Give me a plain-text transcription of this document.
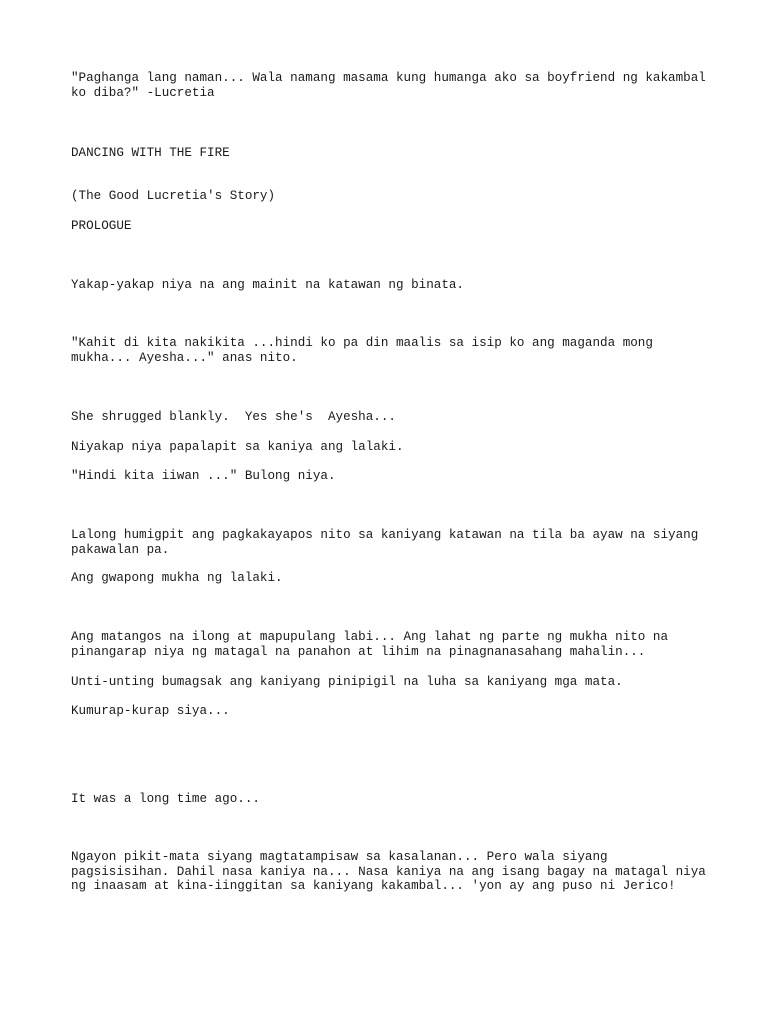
"Paghanga lang naman... Wala namang masama kung humanga ako sa boyfriend ng kakambal ko diba?" -Lucretia

DANCING WITH THE FIRE

(The Good Lucretia's Story)

PROLOGUE

Yakap-yakap niya na ang mainit na katawan ng binata.

"Kahit di kita nakikita ...hindi ko pa din maalis sa isip ko ang maganda mong mukha... Ayesha..." anas nito.

She shrugged blankly.  Yes she's  Ayesha...

Niyakap niya papalapit sa kaniya ang lalaki.

"Hindi kita iiwan ..." Bulong niya.

Lalong humigpit ang pagkakayapos nito sa kaniyang katawan na tila ba ayaw na siyang pakawalan pa.

Ang gwapong mukha ng lalaki.

Ang matangos na ilong at mapupulang labi... Ang lahat ng parte ng mukha nito na pinangarap niya ng matagal na panahon at lihim na pinagnanasahang mahalin...

Unti-unting bumagsak ang kaniyang pinipigil na luha sa kaniyang mga mata.

Kumurap-kurap siya...

It was a long time ago...

Ngayon pikit-mata siyang magtatampisaw sa kasalanan... Pero wala siyang pagsisisihan. Dahil nasa kaniya na... Nasa kaniya na ang isang bagay na matagal niya ng inaasam at kina-iinggitan sa kaniyang kakambal... 'yon ay ang puso ni Jerico!
